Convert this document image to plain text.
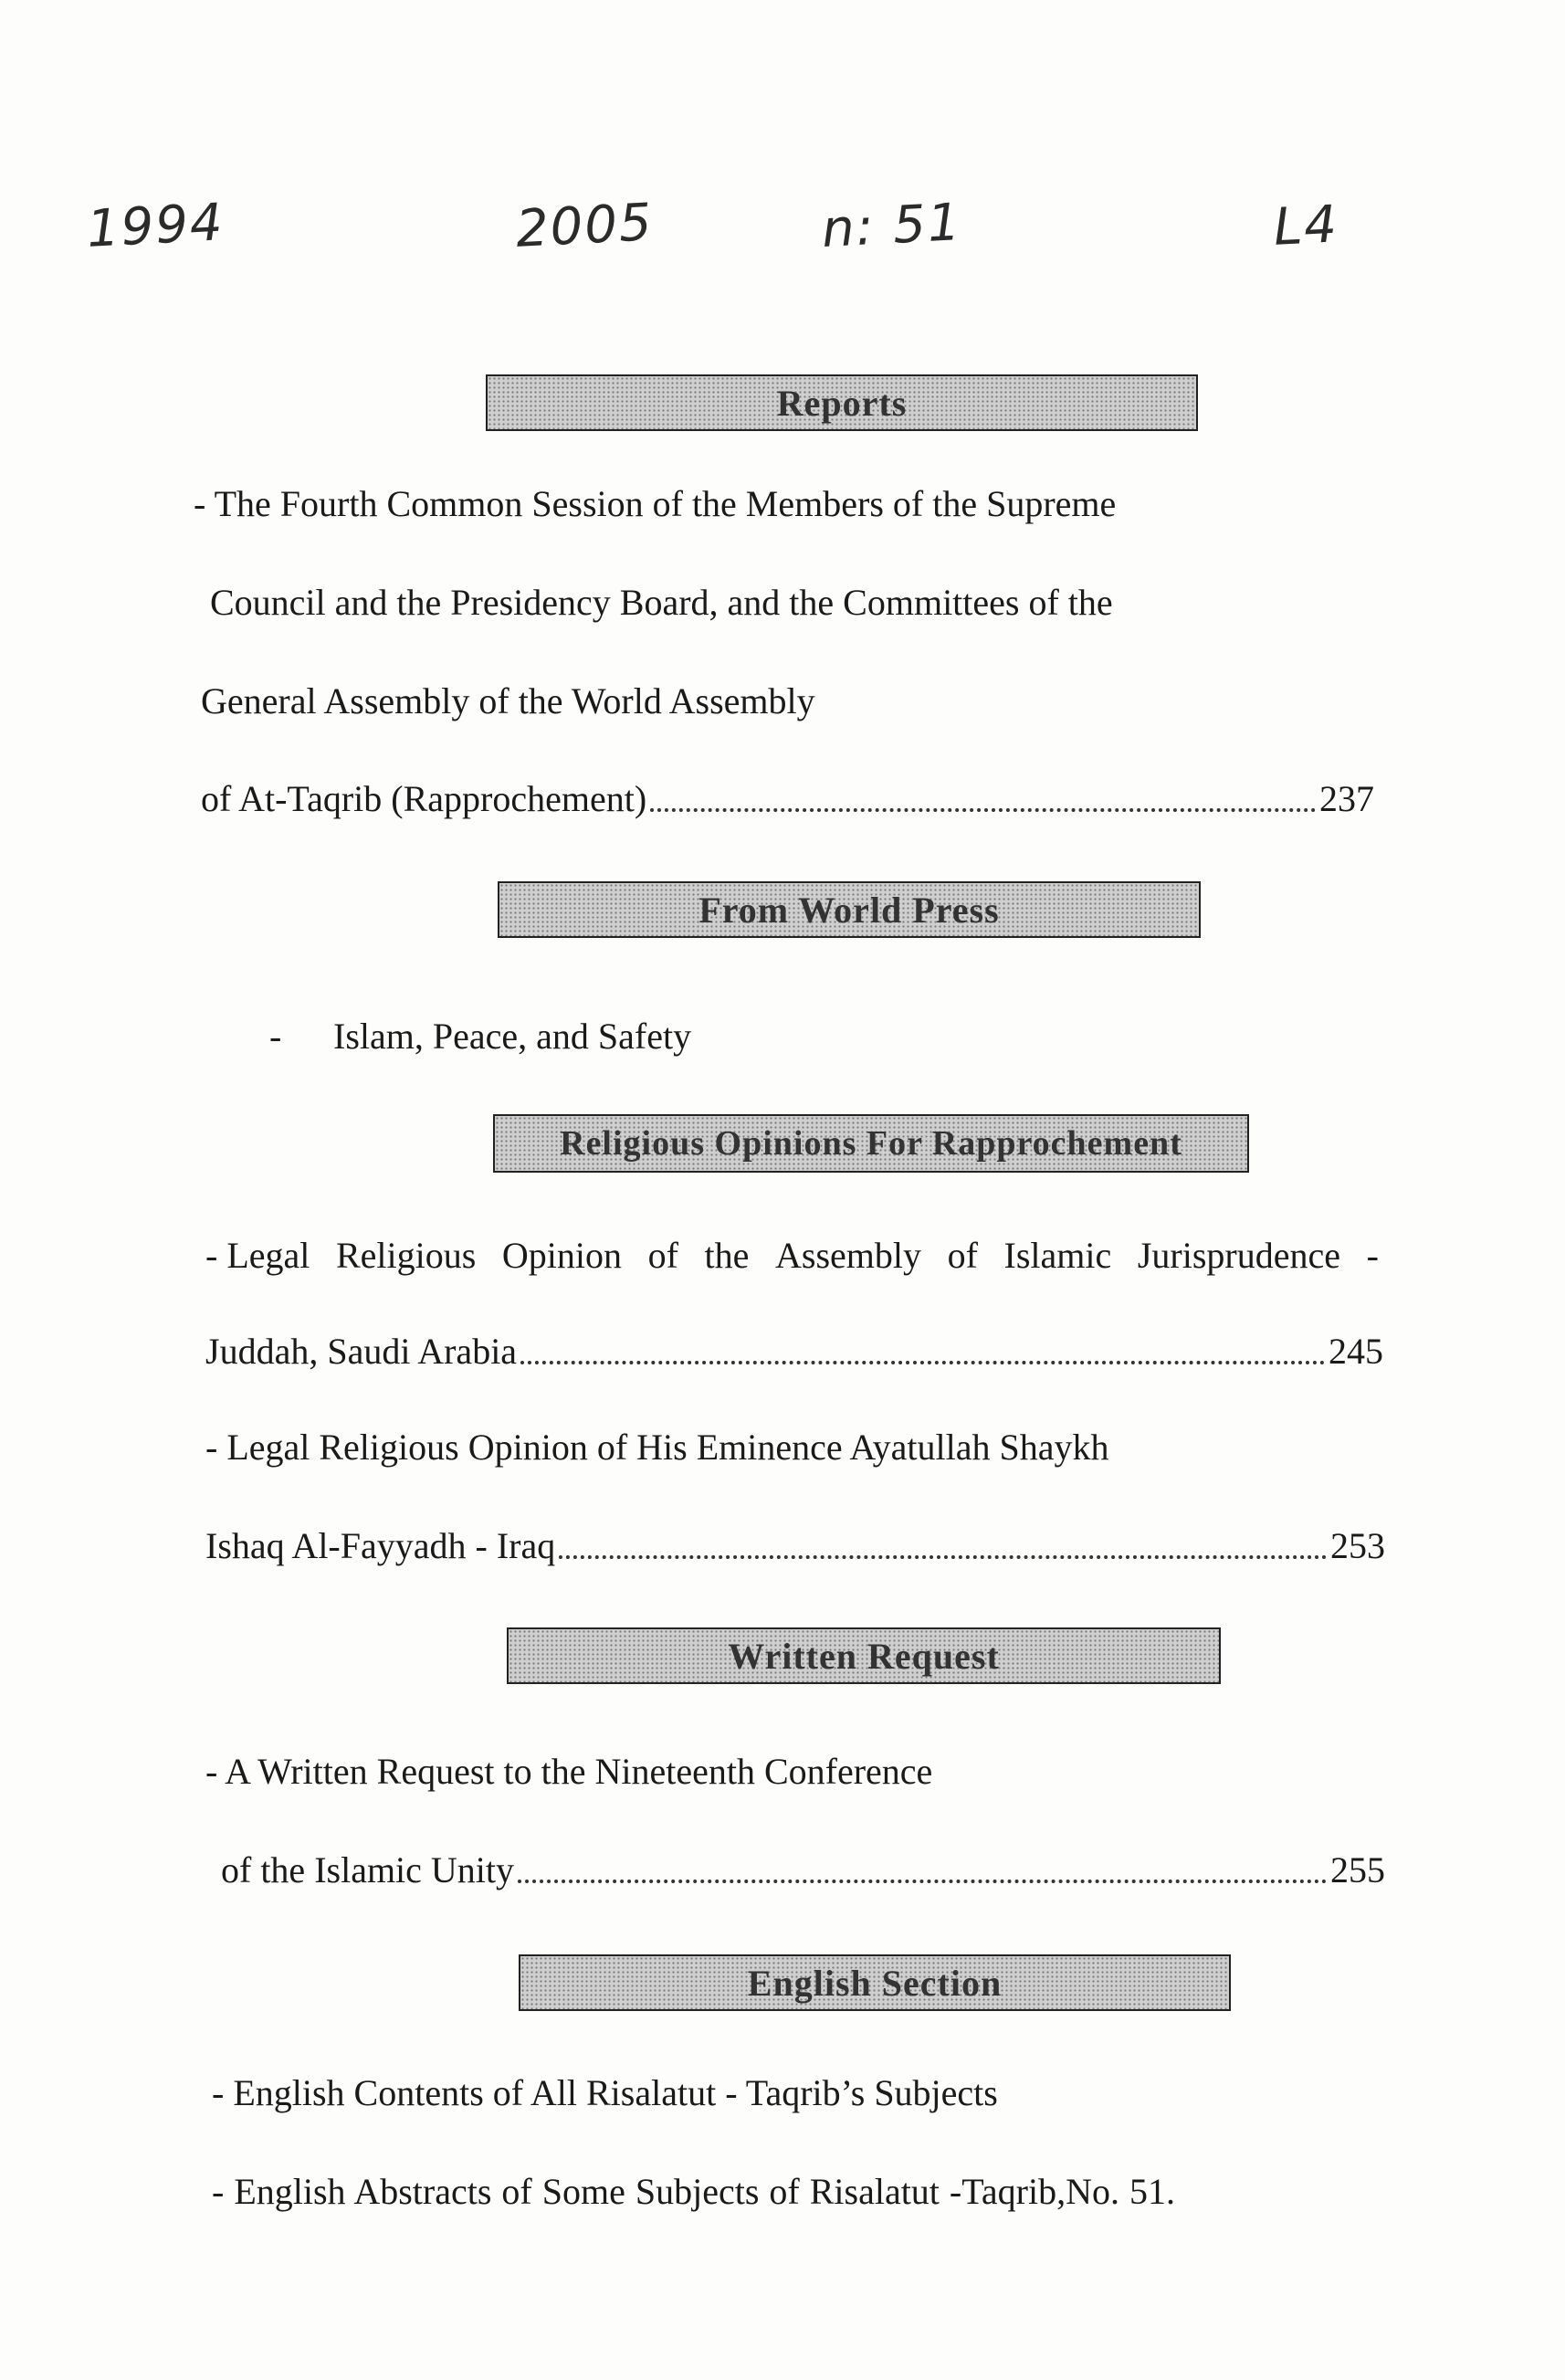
1994	2005	n: 51	L4
Reports
- The Fourth Common Session of the Members of the Supreme
Council and the Presidency Board, and the Committees of the
General Assembly of the World Assembly
of At-Taqrib (Rapprochement)	237
From World Press
- Islam, Peace, and Safety
Religious Opinions For Rapprochement
- Legal Religious Opinion of the Assembly of Islamic Jurisprudence -
Juddah, Saudi Arabia	245
- Legal Religious Opinion of His Eminence Ayatullah Shaykh
Ishaq Al-Fayyadh - Iraq	253
Written Request
- A Written Request to the Nineteenth Conference
of the Islamic Unity	255
English Section
- English Contents of All Risalatut - Taqrib’s Subjects
- English Abstracts of Some Subjects of Risalatut -Taqrib,No. 51.
